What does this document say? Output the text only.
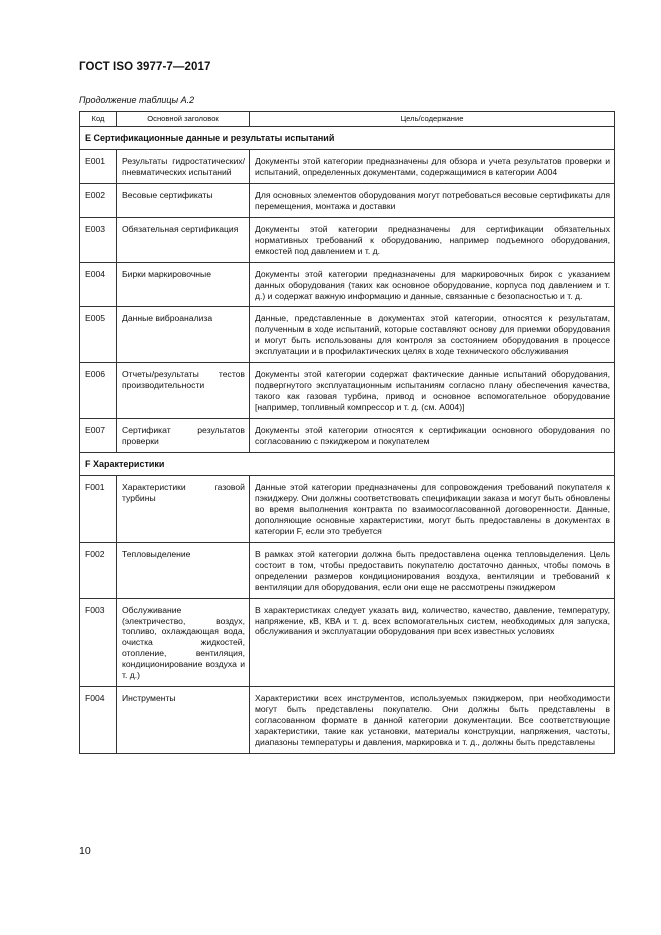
ГОСТ ISO 3977-7—2017
Продолжение таблицы А.2
Код	Основной заголовок	Цель/содержание
E Сертификационные данные и результаты испытаний		
E001	Результаты гидростатических/пневматических испытаний	Документы этой категории предназначены для обзора и учета результатов проверки и испытаний, определенных документами, содержащимися в категории А004
E002	Весовые сертификаты	Для основных элементов оборудования могут потребоваться весовые сертификаты для перемещения, монтажа и доставки
E003	Обязательная сертификация	Документы этой категории предназначены для сертификации обязательных нормативных требований к оборудованию, например подъемного оборудования, емкостей под давлением и т. д.
E004	Бирки маркировочные	Документы этой категории предназначены для маркировочных бирок с указанием данных оборудования (таких как основное оборудование, корпуса под давлением и т. д.) и содержат важную информацию и данные, связанные с безопасностью и т. д.
E005	Данные виброанализа	Данные, представленные в документах этой категории, относятся к результатам, полученным в ходе испытаний, которые составляют основу для приемки оборудования и могут быть использованы для контроля за состоянием оборудования в процессе эксплуатации и в профилактических целях в ходе технического обслуживания
E006	Отчеты/результаты тестов производительности	Документы этой категории содержат фактические данные испытаний оборудования, подвергнутого эксплуатационным испытаниям согласно плану обеспечения качества, такого как газовая турбина, привод и основное вспомогательное оборудование [например, топливный компрессор и т. д. (см. А004)]
E007	Сертификат результатов проверки	Документы этой категории относятся к сертификации основного оборудования по согласованию с пэкиджером и покупателем
F Характеристики		
F001	Характеристики газовой турбины	Данные этой категории предназначены для сопровождения требований покупателя к пэкиджеру. Они должны соответствовать спецификации заказа и могут быть обновлены во время выполнения контракта по взаимосогласованной договоренности. Данные, дополняющие основные характеристики, могут быть предоставлены в документах в категории F, если это требуется
F002	Тепловыделение	В рамках этой категории должна быть предоставлена оценка тепловыделения. Цель состоит в том, чтобы предоставить покупателю достаточно данных, чтобы помочь в определении размеров кондиционирования воздуха, вентиляции и требований к вентиляции для оборудования, если они еще не рассмотрены пэкиджером
F003	Обслуживание (электричество, воздух, топливо, охлаждающая вода, очистка жидкостей, отопление, вентиляция, кондиционирование воздуха и т. д.)	В характеристиках следует указать вид, количество, качество, давление, температуру, напряжение, кВ, КВА и т. д. всех вспомогательных систем, необходимых для запуска, обслуживания и эксплуатации оборудования при всех известных условиях
F004	Инструменты	Характеристики всех инструментов, используемых пэкиджером, при необходимости могут быть представлены покупателю. Они должны быть представлены в согласованном формате в данной категории документации. Все соответствующие характеристики, такие как установки, материалы конструкции, напряжения, частоты, диапазоны температуры и давления, маркировка и т. д., должны быть представлены
10
